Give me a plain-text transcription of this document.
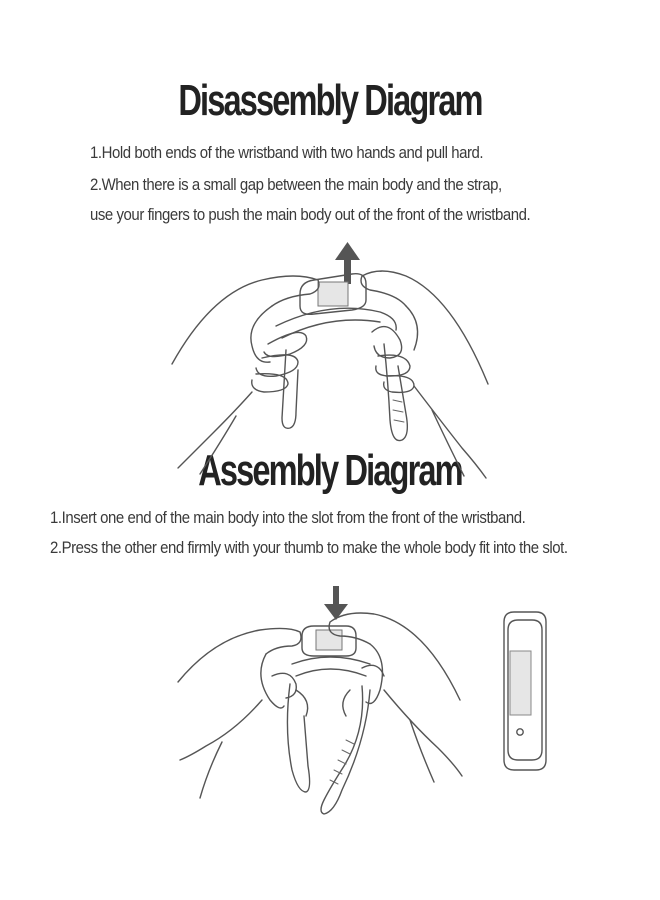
Disassembly Diagram

1.Hold both ends of the wristband with two hands and pull hard.

2.When there is a small gap between the main body and the strap,

use your fingers to push the main body out of the front of the wristband.

Assembly Diagram

1.Insert one end of the main body into the slot from the front of the wristband.

2.Press the other end firmly with your thumb to make the whole body fit into the slot.
